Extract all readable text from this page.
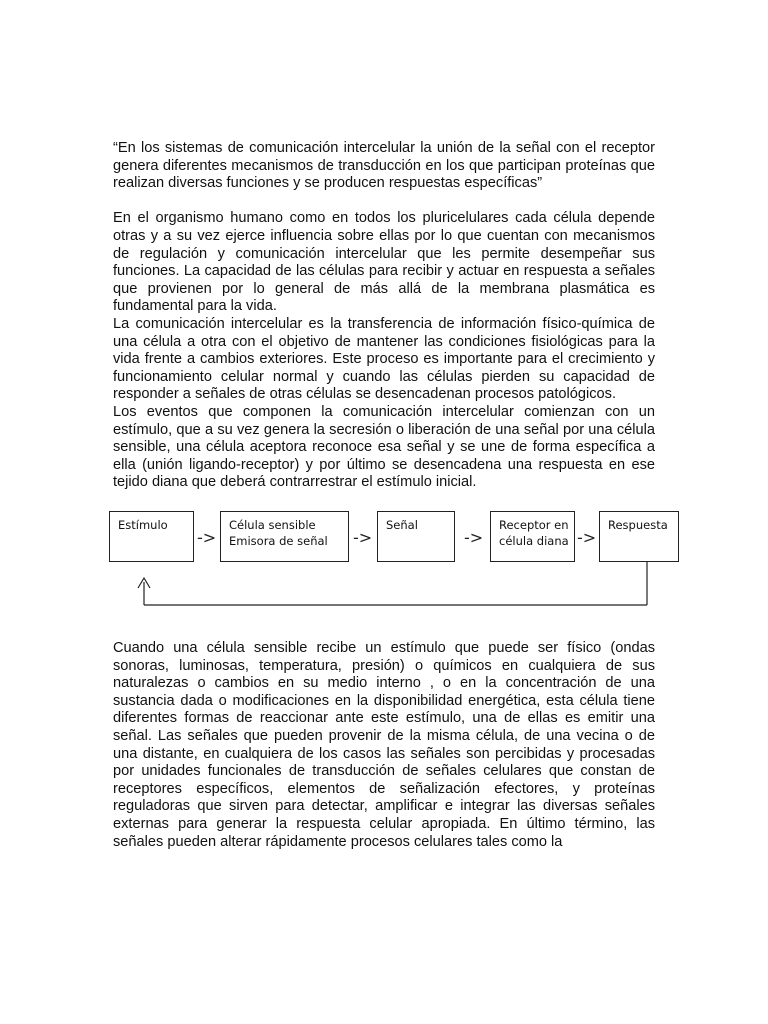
“En los sistemas de comunicación intercelular la unión de la señal con el receptor genera diferentes mecanismos de transducción en los que participan proteínas que realizan diversas funciones y se producen respuestas específicas”

En el organismo humano como en todos los pluricelulares cada célula depende otras y a su vez ejerce influencia sobre ellas por lo que cuentan con mecanismos de regulación y comunicación intercelular que les permite desempeñar sus funciones. La capacidad de las células para recibir y actuar en respuesta a señales que provienen por lo general de más allá de la membrana plasmática es fundamental para la vida.

La comunicación intercelular es la transferencia de información físico-química de una célula a otra con el objetivo de mantener las condiciones fisiológicas para la vida frente a cambios exteriores. Este proceso es importante para el crecimiento y funcionamiento celular normal y cuando las células pierden su capacidad de responder a señales de otras células se desencadenan procesos patológicos.

Los eventos que componen la comunicación intercelular comienzan con un estímulo, que a su vez genera la secresión o liberación de una señal por una célula sensible, una célula aceptora reconoce esa señal y se une de forma específica a ella (unión ligando-receptor) y por último se desencadena una respuesta en ese tejido diana que deberá contrarrestrar el estímulo inicial.

Estímulo
->
Célula sensible
Emisora de señal	->
Señal
->
Receptor en
célula diana ->
Respuesta

Cuando una célula sensible recibe un estímulo que puede ser físico (ondas sonoras, luminosas, temperatura, presión) o químicos en cualquiera de sus naturalezas o cambios en su medio interno , o en la concentración de una sustancia dada o modificaciones en la disponibilidad energética, esta célula tiene diferentes formas de reaccionar ante este estímulo, una de ellas es emitir una señal. Las señales que pueden provenir de la misma célula, de una vecina o de una distante, en cualquiera de los casos las señales son percibidas y procesadas por unidades funcionales de transducción de señales celulares que constan de receptores específicos, elementos de señalización efectores, y proteínas reguladoras que sirven para detectar, amplificar e integrar las diversas señales externas para generar la respuesta celular apropiada. En último término, las señales pueden alterar rápidamente procesos celulares tales como la
